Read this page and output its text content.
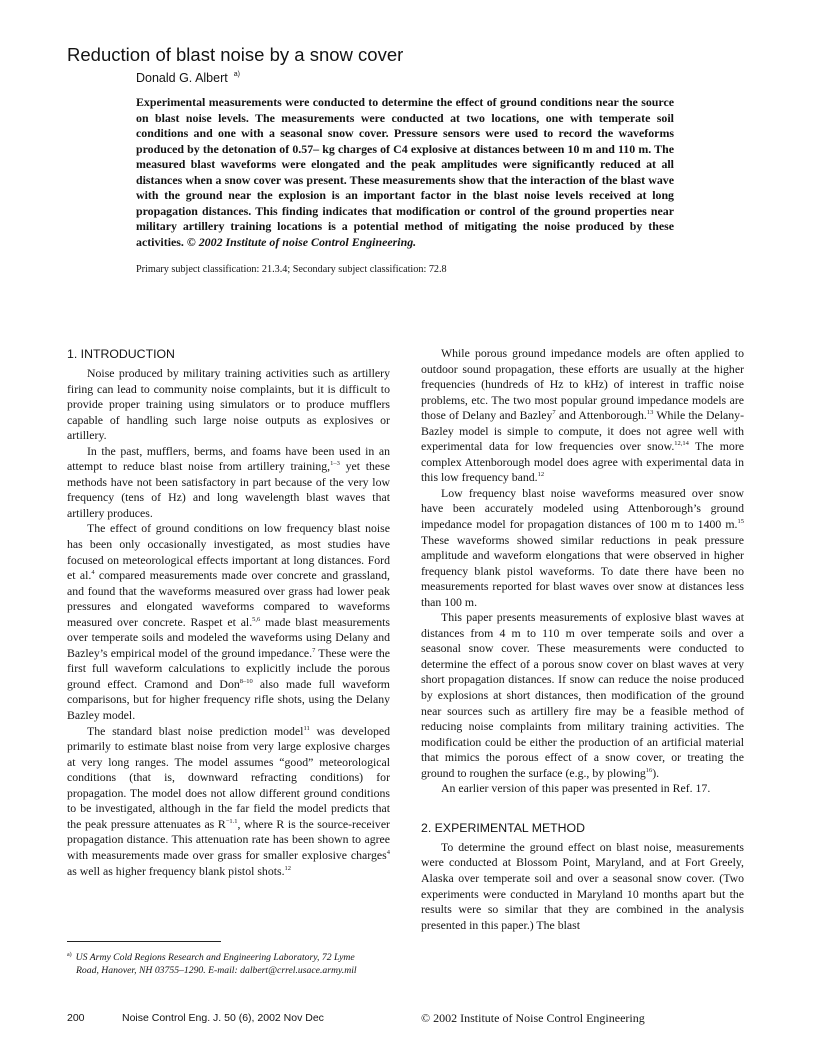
Reduction of blast noise by a snow cover
Donald G. Albert $^{a)}$

Experimental measurements were conducted to determine the effect of ground conditions near the source on blast noise levels. The measurements were conducted at two locations, one with temperate soil conditions and one with a seasonal snow cover. Pressure sensors were used to record the waveforms produced by the detonation of 0.57– kg charges of C4 explosive at distances between 10 m and 110 m. The measured blast waveforms were elongated and the peak amplitudes were significantly reduced at all distances when a snow cover was present. These measurements show that the interaction of the blast wave with the ground near the explosion is an important factor in the blast noise levels received at long propagation distances. This finding indicates that modification or control of the ground properties near military artillery training locations is a potential method of mitigating the noise produced by these activities. © 2002 Institute of noise Control Engineering.

Primary subject classification: 21.3.4; Secondary subject classification: 72.8
1. INTRODUCTION

Noise produced by military training activities such as artillery firing can lead to community noise complaints, but it is difficult to provide proper training using simulators or to produce mufflers capable of handling such large noise outputs as explosives or artillery.

In the past, mufflers, berms, and foams have been used in an attempt to reduce blast noise from artillery training,$^{1-3}$ yet these methods have not been satisfactory in part because of the very low frequency (tens of Hz) and long wavelength blast waves that artillery produces.

The effect of ground conditions on low frequency blast noise has been only occasionally investigated, as most studies have focused on meteorological effects important at long distances. Ford et al.$^4$ compared measurements made over concrete and grassland, and found that the waveforms measured over grass had lower peak pressures and elongated waveforms compared to waveforms measured over concrete. Raspet et al.$^{5,6}$ made blast measurements over temperate soils and modeled the waveforms using Delany and Bazley’s empirical model of the ground impedance.$^7$ These were the first full waveform calculations to explicitly include the porous ground effect. Cramond and Don$^{8-10}$ also made full waveform comparisons, but for higher frequency rifle shots, using the Delany Bazley model.

The standard blast noise prediction model$^{11}$ was developed primarily to estimate blast noise from very large explosive charges at very long ranges. The model assumes “good” meteorological conditions (that is, downward refracting conditions) for propagation. The model does not allow different ground conditions to be investigated, although in the far field the model predicts that the peak pressure attenuates as $R^{-1.1}$, where R is the source-receiver propagation distance. This attenuation rate has been shown to agree with measurements made over grass for smaller explosive charges$^4$ as well as higher frequency blank pistol shots.$^{12}$

While porous ground impedance models are often applied to outdoor sound propagation, these efforts are usually at the higher frequencies (hundreds of Hz to kHz) of interest in traffic noise problems, etc. The two most popular ground impedance models are those of Delany and Bazley$^7$ and Attenborough.$^{13}$ While the Delany-Bazley model is simple to compute, it does not agree well with experimental data for low frequencies over snow.$^{12,14}$ The more complex Attenborough model does agree with experimental data in this low frequency band.$^{12}$

Low frequency blast noise waveforms measured over snow have been accurately modeled using Attenborough’s ground impedance model for propagation distances of 100 m to 1400 m.$^{15}$ These waveforms showed similar reductions in peak pressure amplitude and waveform elongations that were observed in higher frequency blank pistol waveforms. To date there have been no measurements reported for blast waves over snow at distances less than 100 m.

This paper presents measurements of explosive blast waves at distances from 4 m to 110 m over temperate soils and over a seasonal snow cover. These measurements were conducted to determine the effect of a porous snow cover on blast waves at very short propagation distances. If snow can reduce the noise produced by explosions at short distances, then modification of the ground near sources such as artillery fire may be a feasible method of reducing noise complaints from military training activities. The modification could be either the production of an artificial material that mimics the porous effect of a snow cover, or treating the ground to roughen the surface (e.g., by plowing$^{16}$).

An earlier version of this paper was presented in Ref. 17.

2. EXPERIMENTAL METHOD

To determine the ground effect on blast noise, measurements were conducted at Blossom Point, Maryland, and at Fort Greely, Alaska over temperate soil and over a seasonal snow cover. (Two experiments were conducted in Maryland 10 months apart but the results were so similar that they are combined in the analysis presented in this paper.) The blast

$^{a)}$ US Army Cold Regions Research and Engineering Laboratory, 72 Lyme
Road, Hanover, NH 03755–1290. E-mail: dalbert@crrel.usace.army.mil
200	Noise Control Eng. J. 50 (6), 2002 Nov Dec	© 2002 Institute of Noise Control Engineering
